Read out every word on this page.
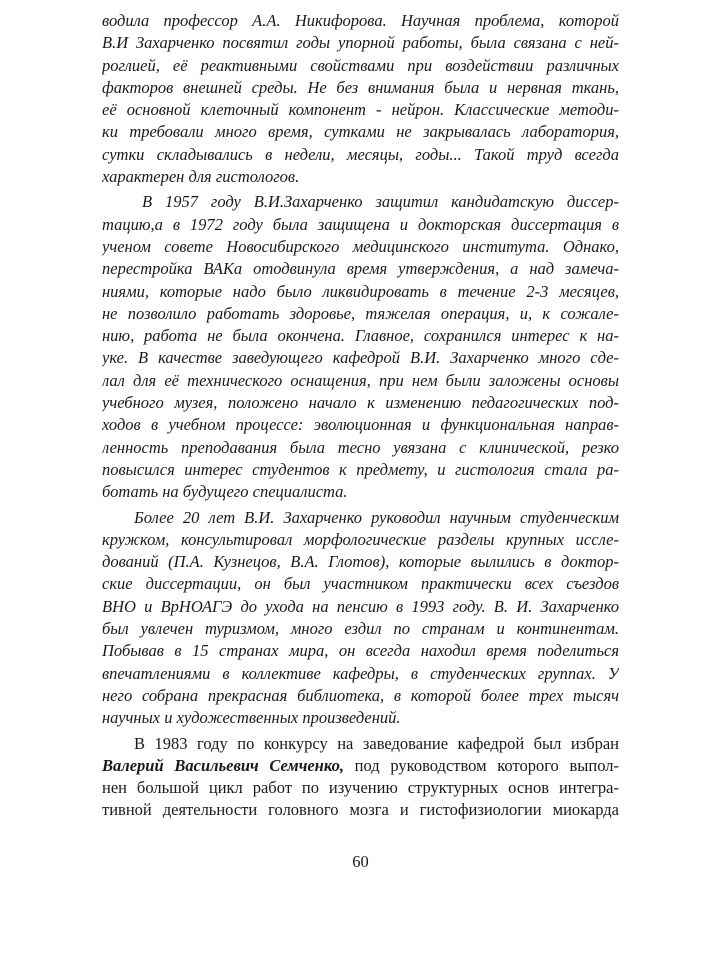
водила профессор А.А. Никифорова. Научная проблема, которой
В.И Захарченко посвятил годы упорной работы, была связана с ней-
роглией, её реактивными свойствами при воздействии различных
факторов внешней среды. Не без внимания была и нервная ткань,
её основной клеточный компонент - нейрон. Классические методи-
ки требовали много время, сутками не закрывалась лаборатория,
сутки складывались в недели, месяцы, годы... Такой труд всегда
характерен для гистологов.
В 1957 году В.И.Захарченко защитил кандидатскую диссер-
тацию,а в 1972 году была защищена и докторская диссертация в
ученом совете Новосибирского медицинского института. Однако,
перестройка ВАКа отодвинула время утверждения, а над замеча-
ниями, которые надо было ликвидировать в течение 2-3 месяцев,
не позволило работать здоровье, тяжелая операция, и, к сожале-
нию, работа не была окончена. Главное, сохранился интерес к на-
уке. В качестве заведующего кафедрой В.И. Захарченко много сде-
лал для её технического оснащения, при нем были заложены основы
учебного музея, положено начало к изменению педагогических под-
ходов в учебном процессе: эволюционная и функциональная направ-
ленность преподавания была тесно увязана с клинической, резко
повысился интерес студентов к предмету, и гистология стала ра-
ботать на будущего специалиста.
Более 20 лет В.И. Захарченко руководил научным студенческим
кружком, консультировал морфологические разделы крупных иссле-
дований (П.А. Кузнецов, В.А. Глотов), которые вылились в доктор-
ские диссертации, он был участником практически всех съездов
ВНО и ВрНОАГЭ до ухода на пенсию в 1993 году. В. И. Захарченко
был увлечен туризмом, много ездил по странам и континентам.
Побывав в 15 странах мира, он всегда находил время поделиться
впечатлениями в коллективе кафедры, в студенческих группах. У
него собрана прекрасная библиотека, в которой более трех тысяч
научных и художественных произведений.
В 1983 году по конкурсу на заведование кафедрой был избран
Валерий Васильевич Семченко, под руководством которого выпол-
нен большой цикл работ по изучению структурных основ интегра-
тивной деятельности головного мозга и гистофизиологии миокарда
60
